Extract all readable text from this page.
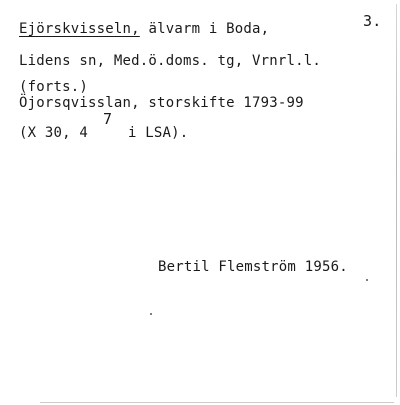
Ejörskvisseln, älvarm i Boda,	3.
Lidens sn, Med.ö.doms. tg, Vrnrl.l.
(forts.)
Öjorsqvisslan, storskifte 1793-99
(X 30, 4
7
i LSA).
Bertil Flemström 1956.
